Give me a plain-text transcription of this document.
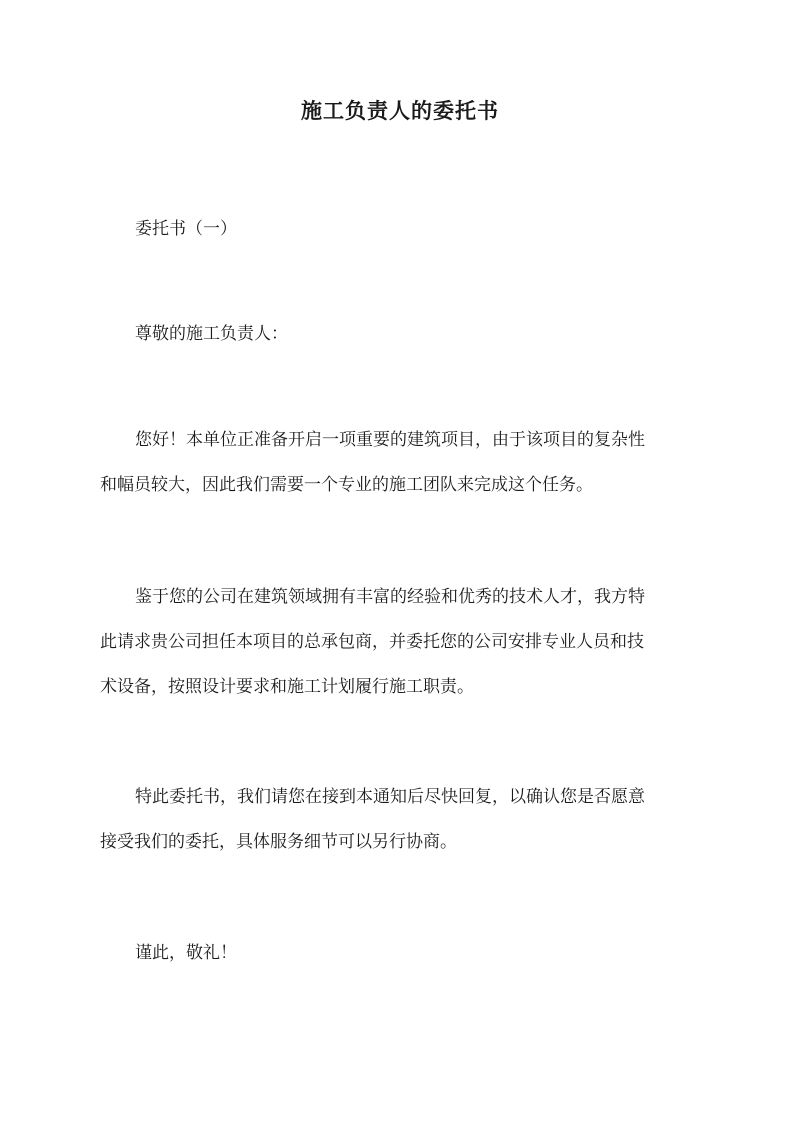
施工负责人的委托书

委托书（一）

尊敬的施工负责人：

您好！本单位正准备开启一项重要的建筑项目，由于该项目的复杂性
和幅员较大，因此我们需要一个专业的施工团队来完成这个任务。

鉴于您的公司在建筑领域拥有丰富的经验和优秀的技术人才，我方特
此请求贵公司担任本项目的总承包商，并委托您的公司安排专业人员和技
术设备，按照设计要求和施工计划履行施工职责。

特此委托书，我们请您在接到本通知后尽快回复，以确认您是否愿意
接受我们的委托，具体服务细节可以另行协商。

谨此，敬礼！
